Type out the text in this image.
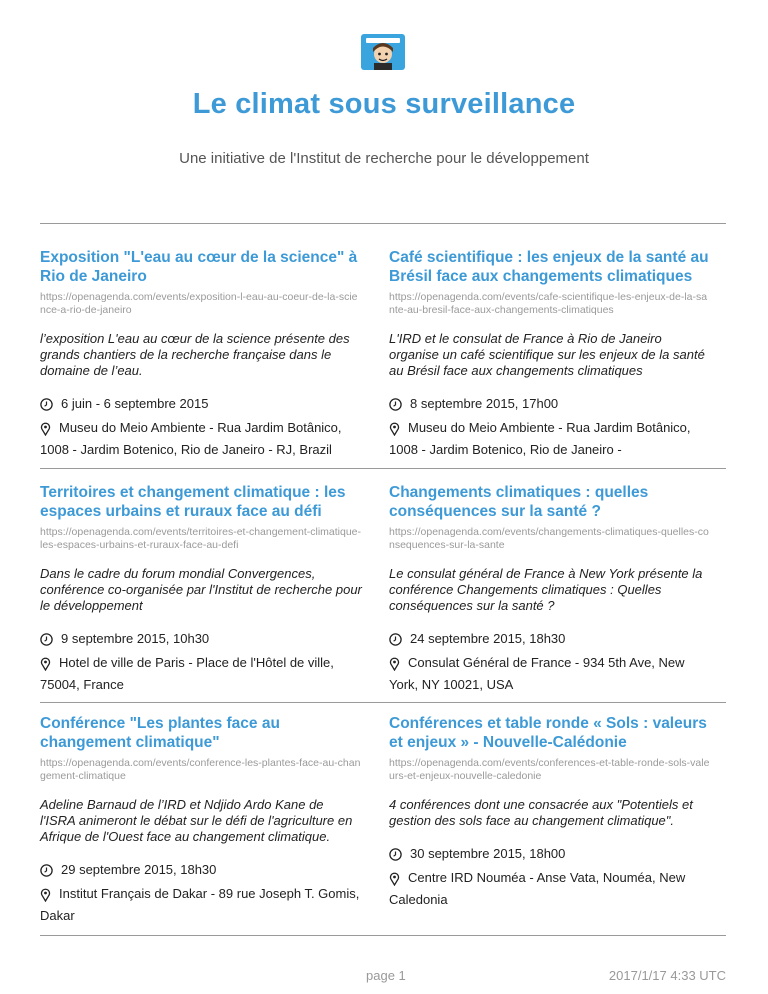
Le climat sous surveillance
Une initiative de l'Institut de recherche pour le développement
Exposition "L'eau au cœur de la science" à Rio de Janeiro
https://openagenda.com/events/exposition-l-eau-au-coeur-de-la-science-a-rio-de-janeiro
l’exposition L'eau au cœur de la science présente des grands chantiers de la recherche française dans le domaine de l’eau.
6 juin - 6 septembre 2015
Museu do Meio Ambiente - Rua Jardim Botânico, 1008 - Jardim Botenico, Rio de Janeiro - RJ, Brazil
Café scientifique : les enjeux de la santé au Brésil face aux changements climatiques
https://openagenda.com/events/cafe-scientifique-les-enjeux-de-la-sante-au-bresil-face-aux-changements-climatiques
L'IRD et le consulat de France à Rio de Janeiro organise un café scientifique sur les enjeux de la santé au Brésil face aux changements climatiques
8 septembre 2015, 17h00
Museu do Meio Ambiente - Rua Jardim Botânico, 1008 - Jardim Botenico, Rio de Janeiro -
Territoires et changement climatique : les espaces urbains et ruraux face au défi
https://openagenda.com/events/territoires-et-changement-climatique-les-espaces-urbains-et-ruraux-face-au-defi
Dans le cadre du forum mondial Convergences, conférence co-organisée par l'Institut de recherche pour le développement
9 septembre 2015, 10h30
Hotel de ville de Paris - Place de l'Hôtel de ville, 75004, France
Changements climatiques : quelles conséquences sur la santé ?
https://openagenda.com/events/changements-climatiques-quelles-consequences-sur-la-sante
Le consulat général de France à New York présente la conférence Changements climatiques : Quelles conséquences sur la santé ?
24 septembre 2015, 18h30
Consulat Général de France - 934 5th Ave, New York, NY 10021, USA
Conférence "Les plantes face au changement climatique"
https://openagenda.com/events/conference-les-plantes-face-au-changement-climatique
Adeline Barnaud de l’IRD et Ndjido Ardo Kane de l'ISRA animeront le débat sur le défi de l'agriculture en Afrique de l'Ouest face au changement climatique.
29 septembre 2015, 18h30
Institut Français de Dakar - 89 rue Joseph T. Gomis, Dakar
Conférences et table ronde « Sols : valeurs et enjeux » - Nouvelle-Calédonie
https://openagenda.com/events/conferences-et-table-ronde-sols-valeurs-et-enjeux-nouvelle-caledonie
4 conférences dont une consacrée aux "Potentiels et gestion des sols face au changement climatique".
30 septembre 2015, 18h00
Centre IRD Nouméa - Anse Vata, Nouméa, New Caledonia
page 1	2017/1/17 4:33 UTC
